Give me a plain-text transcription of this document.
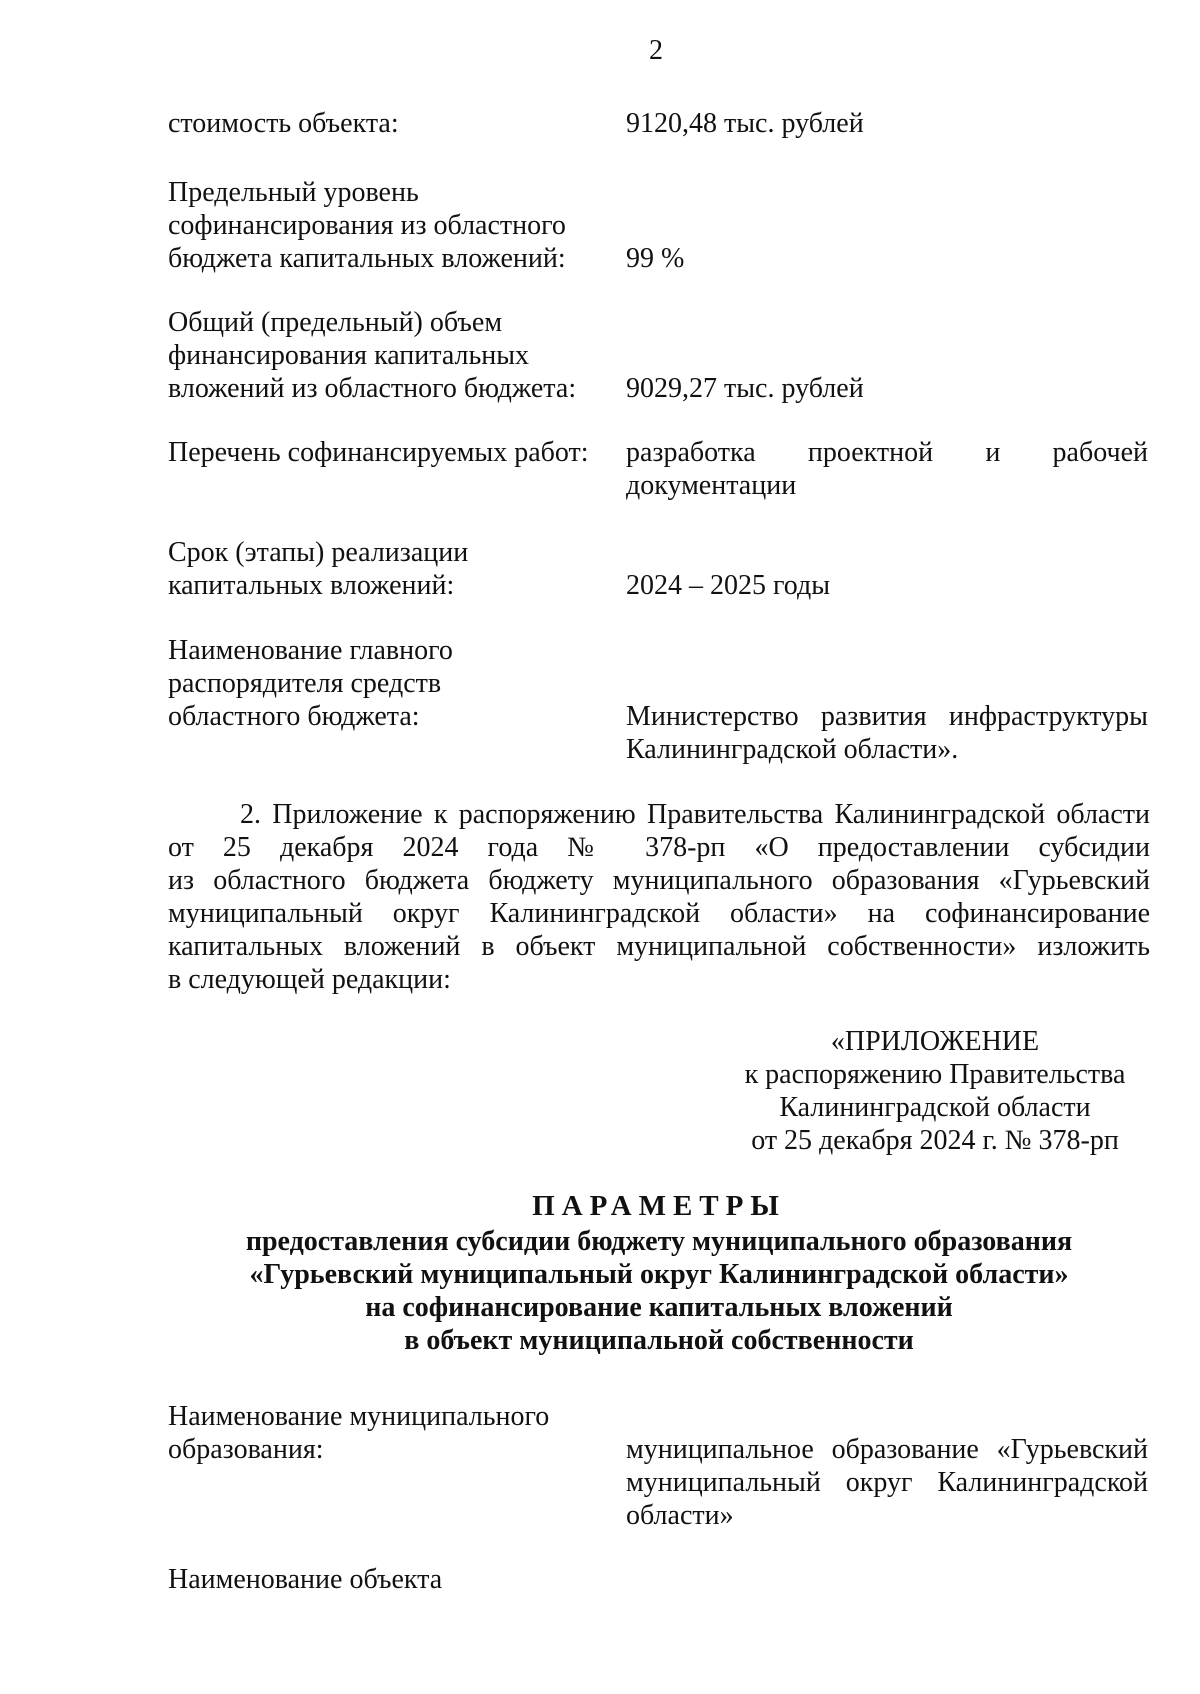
2
стоимость объекта:	9120,48 тыс. рублей
Предельный уровень
софинансирования из областного
бюджета капитальных вложений:	99 %
Общий (предельный) объем
финансирования капитальных
вложений из областного бюджета:	9029,27 тыс. рублей
Перечень софинансируемых работ:	разработка проектной и рабочей
документации
Срок (этапы) реализации
капитальных вложений:	2024 – 2025 годы
Наименование главного
распорядителя средств
областного бюджета:	Министерство развития инфраструктуры
Калининградской области».
2. Приложение к распоряжению Правительства Калининградской области
от 25 декабря 2024 года № 378-рп «О предоставлении субсидии
из областного бюджета бюджету муниципального образования «Гурьевский
муниципальный округ Калининградской области» на софинансирование
капитальных вложений в объект муниципальной собственности» изложить
в следующей редакции:
«ПРИЛОЖЕНИЕ
к распоряжению Правительства
Калининградской области
от 25 декабря 2024 г. № 378-рп
ПАРАМЕТРЫ
предоставления субсидии бюджету муниципального образования
«Гурьевский муниципальный округ Калининградской области»
на софинансирование капитальных вложений
в объект муниципальной собственности
Наименование муниципального
образования:	муниципальное образование «Гурьевский
муниципальный округ Калининградской
области»
Наименование объекта
